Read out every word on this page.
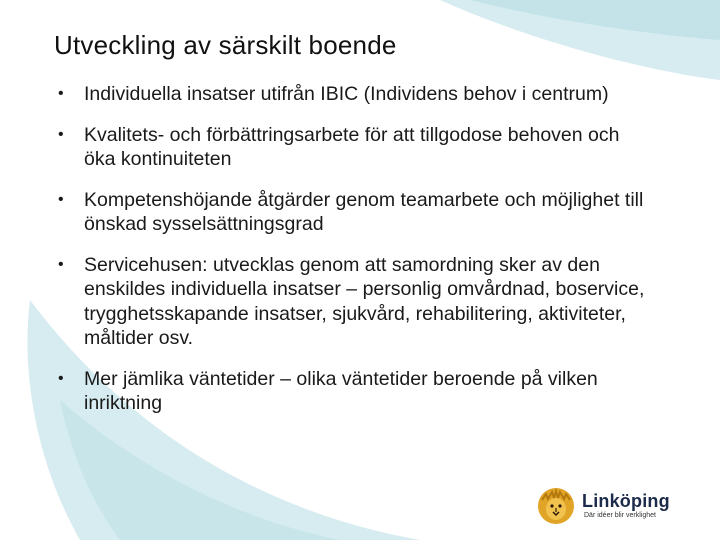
Utveckling av särskilt boende
• Individuella insatser utifrån IBIC (Individens behov i centrum)
• Kvalitets- och förbättringsarbete för att tillgodose behoven och öka kontinuiteten
• Kompetenshöjande åtgärder genom teamarbete och möjlighet till önskad sysselsättningsgrad
• Servicehusen: utvecklas genom att samordning sker av den enskildes individuella insatser – personlig omvårdnad, boservice, trygghetsskapande insatser, sjukvård, rehabilitering, aktiviteter, måltider osv.
• Mer jämlika väntetider – olika väntetider beroende på vilken inriktning
Linköping
Där idéer blir verklighet
